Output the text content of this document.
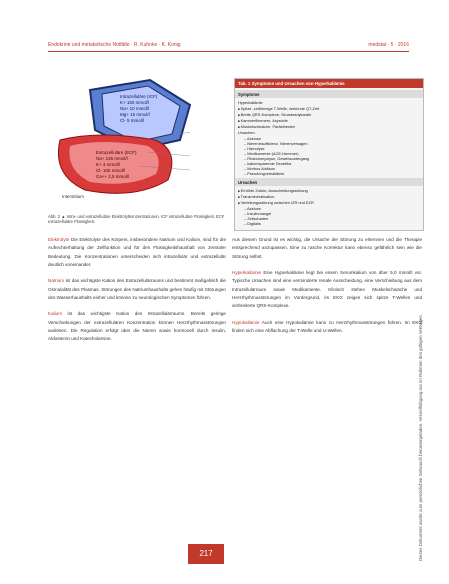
Endokrine und metabolische Notfälle · R. Kuhnke · K. Konig	medstat · 5 · 2016
Intrazelluläre (ICF)
K+ 150 mmol/l
Na+ 10 mmol/l
Mg+ 15 mmol/l
Cl- 5 mmol/l
Extrazelluläre (ECF)
Na+ 145 mmol/l
K+ 4 mmol/l
Cl- 105 mmol/l
Ca++ 2,5 mmol/l
Interstitium
Abb. 2 ▲ Intra- und extrazelluläre Elektrolytkonzentrationen. ICF intrazelluläre Flüssigkeit, ECF extrazelluläre Flüssigkeit.
Tab. 1 Symptome und Ursachen von Hyperkaliämie
Symptome
Hyperkaliämie
■ Spitze, zeltförmige T-Welle, verkürzte QT-Zeit
■ Breite QRS-Komplexe, Sinusbradykardie
■ Kammerflimmern, Asystolie
■ Muskelschwäche, Parästhesien
Ursachen
– Azidose
– Niereninsuffizienz, Nierenversagen
– Hämolyse
– Medikamente (ACE-Hemmer)
– Rhabdomyolyse, Gewebsuntergang
– kaliumsparende Diuretika
– Morbus Addison
– Pseudohyperkaliämie
Ursachen
■ Erhöhte Zufuhr, Ausscheidungsstörung
■ Transmineralisation
■ Verteilungsstörung zwischen IZR und EZR
– Azidose
– Insulinmangel
– Zellschaden
– Digitalis

Elektrolyte Die Elektrolyte des Körpers, insbesondere Natrium und Kalium, sind für die Aufrechterhaltung der Zellfunktion und für den Flüssigkeitshaushalt von zentraler Bedeutung. Die Konzentrationen unterscheiden sich intrazellulär und extrazellulär deutlich voneinander.

Natrium ist das wichtigste Kation des Extrazellulärraums und bestimmt maßgeblich die Osmolalität des Plasmas. Störungen des Natriumhaushalts gehen häufig mit Störungen des Wasserhaushalts einher und können zu neurologischen Symptomen führen.

Kalium ist das wichtigste Kation des Intrazellulärraums. Bereits geringe Verschiebungen der extrazellulären Konzentration können Herzrhythmusstörungen auslösen. Die Regulation erfolgt über die Nieren sowie hormonell durch Insulin, Aldosteron und Katecholamine.

Aus diesem Grund ist es wichtig, die Ursache der Störung zu erkennen und die Therapie entsprechend anzupassen. Eine zu rasche Korrektur kann ebenso gefährlich sein wie die Störung selbst.

Hyperkaliämie Eine Hyperkaliämie liegt bei einem Serumkalium von über 5,0 mmol/l vor. Typische Ursachen sind eine verminderte renale Ausscheidung, eine Verschiebung aus dem Intrazellulärraum sowie Medikamente. Klinisch stehen Muskelschwäche und Herzrhythmusstörungen im Vordergrund, im EKG zeigen sich spitze T-Wellen und verbreiterte QRS-Komplexe.

Hypokaliämie Auch eine Hypokaliämie kann zu Herzrhythmusstörungen führen. Im EKG finden sich eine Abflachung der T-Welle und U-Wellen.	Dieses Dokument wurde zum persönlichen Gebrauch heruntergeladen. Vervielfältigung nur im Rahmen des gültigen Vertrages.
217
